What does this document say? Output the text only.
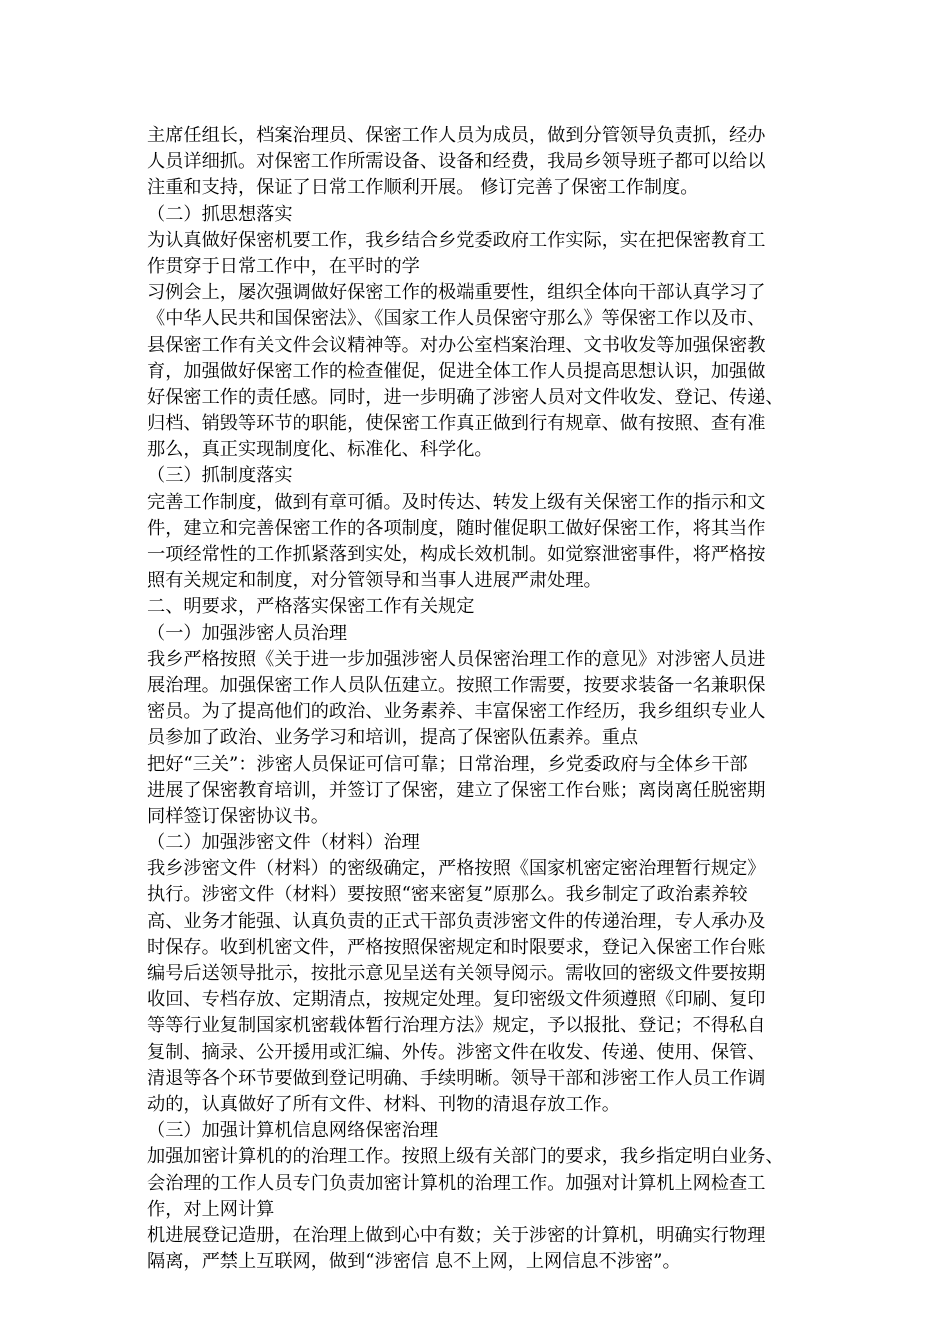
主席任组长，档案治理员、保密工作人员为成员，做到分管领导负责抓，经办
人员详细抓。对保密工作所需设备、设备和经费，我局乡领导班子都可以给以
注重和支持，保证了日常工作顺利开展。 修订完善了保密工作制度。
（二）抓思想落实
为认真做好保密机要工作，我乡结合乡党委政府工作实际，实在把保密教育工
作贯穿于日常工作中，在平时的学
习例会上，屡次强调做好保密工作的极端重要性，组织全体向干部认真学习了
《中华人民共和国保密法》、《国家工作人员保密守那么》等保密工作以及市、
县保密工作有关文件会议精神等。对办公室档案治理、文书收发等加强保密教
育，加强做好保密工作的检查催促，促进全体工作人员提高思想认识，加强做
好保密工作的责任感。同时，进一步明确了涉密人员对文件收发、登记、传递、
归档、销毁等环节的职能，使保密工作真正做到行有规章、做有按照、查有准
那么，真正实现制度化、标准化、科学化。
（三）抓制度落实
完善工作制度，做到有章可循。及时传达、转发上级有关保密工作的指示和文
件，建立和完善保密工作的各项制度，随时催促职工做好保密工作，将其当作
一项经常性的工作抓紧落到实处，构成长效机制。如觉察泄密事件，将严格按
照有关规定和制度，对分管领导和当事人进展严肃处理。
二、明要求，严格落实保密工作有关规定
（一）加强涉密人员治理
我乡严格按照《关于进一步加强涉密人员保密治理工作的意见》对涉密人员进
展治理。加强保密工作人员队伍建立。按照工作需要，按要求装备一名兼职保
密员。为了提高他们的政治、业务素养、丰富保密工作经历，我乡组织专业人
员参加了政治、业务学习和培训，提高了保密队伍素养。重点
把好“三关”：涉密人员保证可信可靠；日常治理，乡党委政府与全体乡干部
进展了保密教育培训，并签订了保密，建立了保密工作台账；离岗离任脱密期
同样签订保密协议书。
（二）加强涉密文件（材料）治理
我乡涉密文件（材料）的密级确定，严格按照《国家机密定密治理暂行规定》
执行。涉密文件（材料）要按照“密来密复”原那么。我乡制定了政治素养较
高、业务才能强、认真负责的正式干部负责涉密文件的传递治理，专人承办及
时保存。收到机密文件，严格按照保密规定和时限要求，登记入保密工作台账
编号后送领导批示，按批示意见呈送有关领导阅示。需收回的密级文件要按期
收回、专档存放、定期清点，按规定处理。复印密级文件须遵照《印刷、复印
等等行业复制国家机密载体暂行治理方法》规定，予以报批、登记；不得私自
复制、摘录、公开援用或汇编、外传。涉密文件在收发、传递、使用、保管、
清退等各个环节要做到登记明确、手续明晰。领导干部和涉密工作人员工作调
动的，认真做好了所有文件、材料、刊物的清退存放工作。
（三）加强计算机信息网络保密治理
加强加密计算机的的治理工作。按照上级有关部门的要求，我乡指定明白业务、
会治理的工作人员专门负责加密计算机的治理工作。加强对计算机上网检查工
作，对上网计算
机进展登记造册，在治理上做到心中有数；关于涉密的计算机，明确实行物理
隔离，严禁上互联网，做到“涉密信 息不上网，上网信息不涉密”。
